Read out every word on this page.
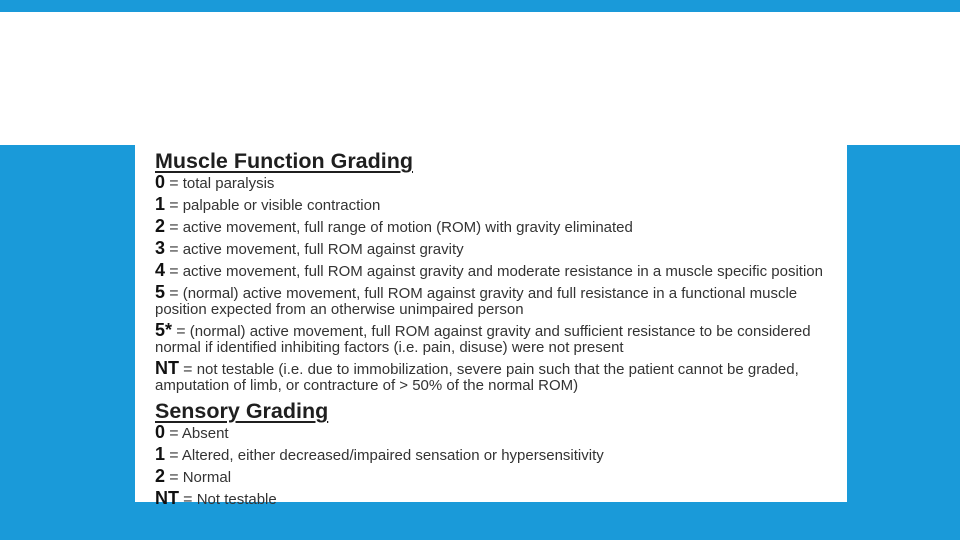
Muscle Function Grading
0 = total paralysis
1 = palpable or visible contraction
2 = active movement, full range of motion (ROM) with gravity eliminated
3 = active movement, full ROM against gravity
4 = active movement, full ROM against gravity and moderate resistance in a muscle specific position
5 = (normal) active movement, full ROM against gravity and full resistance in a functional muscle position expected from an otherwise unimpaired person
5* = (normal) active movement, full ROM against gravity and sufficient resistance to be considered normal if identified inhibiting factors (i.e. pain, disuse) were not present
NT = not testable (i.e. due to immobilization, severe pain such that the patient cannot be graded, amputation of limb, or contracture of > 50% of the normal ROM)
Sensory Grading
0 = Absent
1 = Altered, either decreased/impaired sensation or hypersensitivity
2 = Normal
NT = Not testable
